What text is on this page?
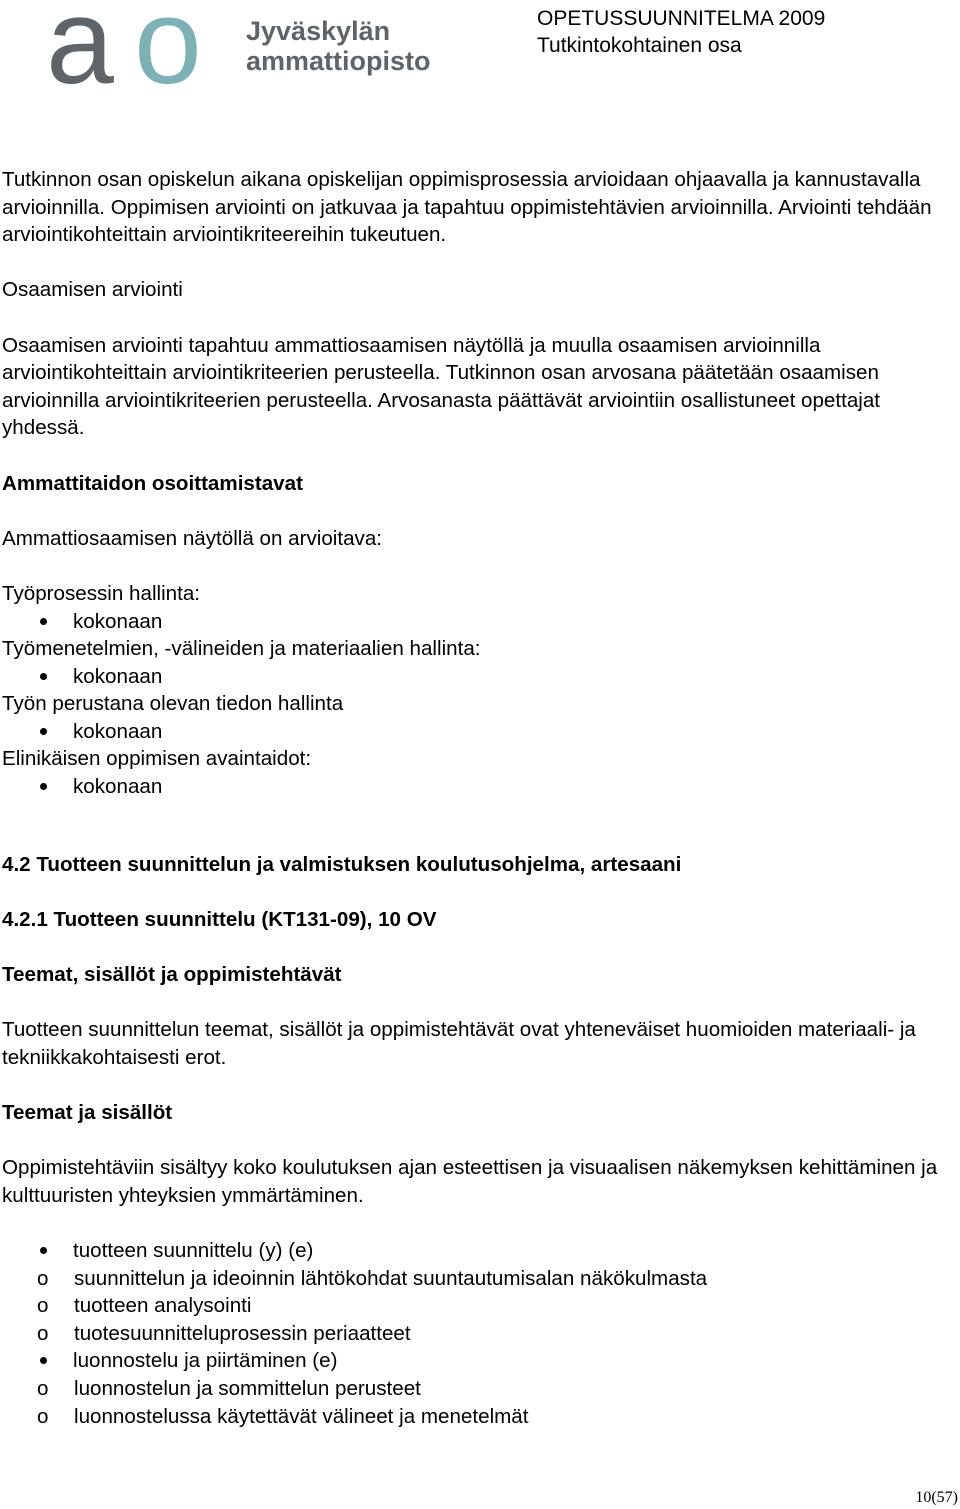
a o Jyväskylän
ammattiopisto
OPETUSSUUNNITELMA 2009
Tutkintokohtainen osa

Tutkinnon osan opiskelun aikana opiskelijan oppimisprosessia arvioidaan ohjaavalla ja kannustavalla arvioinnilla. Oppimisen arviointi on jatkuvaa ja tapahtuu oppimistehtävien arvioinnilla. Arviointi tehdään arviointikohteittain arviointikriteereihin tukeutuen.

Osaamisen arviointi

Osaamisen arviointi tapahtuu ammattiosaamisen näytöllä ja muulla osaamisen arvioinnilla arviointikohteittain arviointikriteerien perusteella. Tutkinnon osan arvosana päätetään osaamisen arvioinnilla arviointikriteerien perusteella. Arvosanasta päättävät arviointiin osallistuneet opettajat yhdessä.

Ammattitaidon osoittamistavat

Ammattiosaamisen näytöllä on arvioitava:

Työprosessin hallinta:
kokonaan
Työmenetelmien, -välineiden ja materiaalien hallinta:
kokonaan
Työn perustana olevan tiedon hallinta
kokonaan
Elinikäisen oppimisen avaintaidot:
kokonaan

4.2 Tuotteen suunnittelun ja valmistuksen koulutusohjelma, artesaani

4.2.1 Tuotteen suunnittelu (KT131-09), 10 OV

Teemat, sisällöt ja oppimistehtävät

Tuotteen suunnittelun teemat, sisällöt ja oppimistehtävät ovat yhteneväiset huomioiden materiaali- ja tekniikkakohtaisesti erot.

Teemat ja sisällöt

Oppimistehtäviin sisältyy koko koulutuksen ajan esteettisen ja visuaalisen näkemyksen kehittäminen ja kulttuuristen yhteyksien ymmärtäminen.

tuotteen suunnittelu (y) (e)
o suunnittelun ja ideoinnin lähtökohdat suuntautumisalan näkökulmasta
o tuotteen analysointi
o tuotesuunnitteluprosessin periaatteet
luonnostelu ja piirtäminen (e)
o luonnostelun ja sommittelun perusteet
o luonnostelussa käytettävät välineet ja menetelmät
10(57)
